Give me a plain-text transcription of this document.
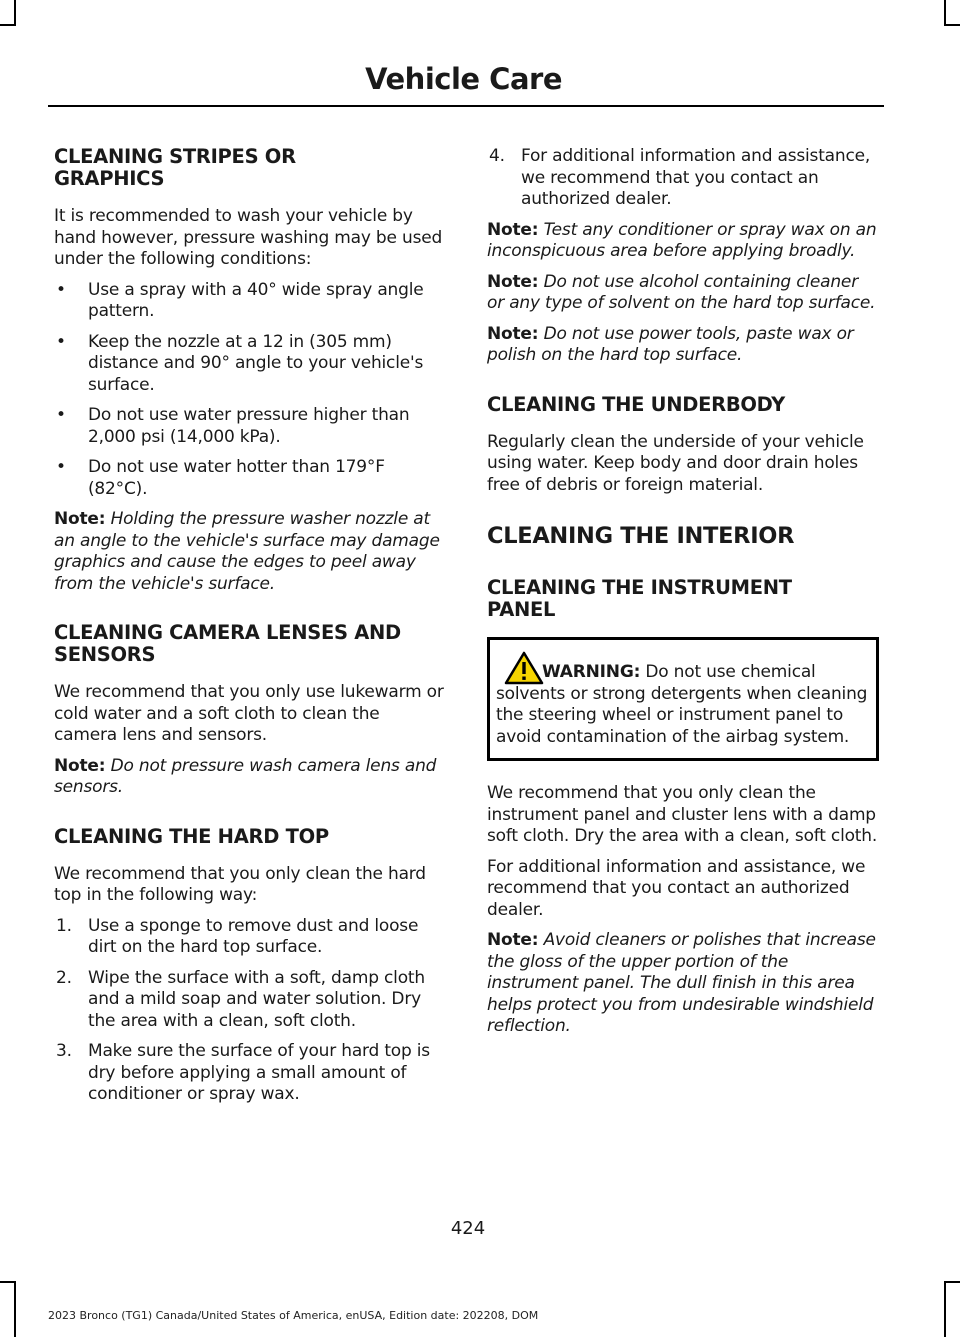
Vehicle Care
CLEANING STRIPES OR
GRAPHICS

It is recommended to wash your vehicle by hand however, pressure washing may be used under the following conditions:

• Use a spray with a 40° wide spray angle pattern.
• Keep the nozzle at a 12 in (305 mm) distance and 90° angle to your vehicle's surface.
• Do not use water pressure higher than 2,000 psi (14,000 kPa).
• Do not use water hotter than 179°F (82°C).

Note: Holding the pressure washer nozzle at an angle to the vehicle's surface may damage graphics and cause the edges to peel away from the vehicle's surface.

CLEANING CAMERA LENSES AND
SENSORS

We recommend that you only use lukewarm or cold water and a soft cloth to clean the camera lens and sensors.

Note: Do not pressure wash camera lens and sensors.

CLEANING THE HARD TOP

We recommend that you only clean the hard top in the following way:

1. Use a sponge to remove dust and loose dirt on the hard top surface.
2. Wipe the surface with a soft, damp cloth and a mild soap and water solution. Dry the area with a clean, soft cloth.
3. Make sure the surface of your hard top is dry before applying a small amount of conditioner or spray wax.
4. For additional information and assistance, we recommend that you contact an authorized dealer.

Note: Test any conditioner or spray wax on an inconspicuous area before applying broadly.

Note: Do not use alcohol containing cleaner or any type of solvent on the hard top surface.

Note: Do not use power tools, paste wax or polish on the hard top surface.

CLEANING THE UNDERBODY

Regularly clean the underside of your vehicle using water. Keep body and door drain holes free of debris or foreign material.

CLEANING THE INTERIOR
CLEANING THE INSTRUMENT
PANEL
WARNING: Do not use chemical solvents or strong detergents when cleaning the steering wheel or instrument panel to avoid contamination of the airbag system.

We recommend that you only clean the instrument panel and cluster lens with a damp soft cloth. Dry the area with a clean, soft cloth.

For additional information and assistance, we recommend that you contact an authorized dealer.

Note: Avoid cleaners or polishes that increase the gloss of the upper portion of the instrument panel. The dull finish in this area helps protect you from undesirable windshield reflection.

424
2023 Bronco (TG1) Canada/United States of America, enUSA, Edition date: 202208, DOM
